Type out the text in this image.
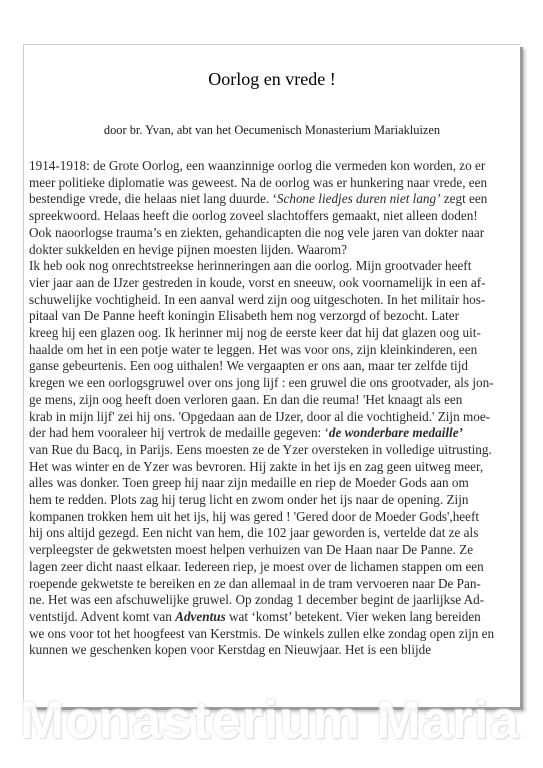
Oorlog en vrede !
door br. Yvan, abt van het Oecumenisch Monasterium Mariakluizen
1914-1918: de Grote Oorlog, een waanzinnige oorlog die vermeden kon worden, zo er
meer politieke diplomatie was geweest. Na de oorlog was er hunkering naar vrede, een
bestendige vrede, die helaas niet lang duurde. ‘Schone liedjes duren niet lang’ zegt een
spreekwoord. Helaas heeft die oorlog zoveel slachtoffers gemaakt, niet alleen doden!
Ook naoorlogse trauma’s en ziekten, gehandicapten die nog vele jaren van dokter naar
dokter sukkelden en hevige pijnen moesten lijden. Waarom?
Ik heb ook nog onrechtstreekse herinneringen aan die oorlog. Mijn grootvader heeft
vier jaar aan de IJzer gestreden in koude, vorst en sneeuw, ook voornamelijk in een af-
schuwelijke vochtigheid. In een aanval werd zijn oog uitgeschoten. In het militair hos-
pitaal van De Panne heeft koningin Elisabeth hem nog verzorgd of bezocht. Later
kreeg hij een glazen oog. Ik herinner mij nog de eerste keer dat hij dat glazen oog uit-
haalde om het in een potje water te leggen. Het was voor ons, zijn kleinkinderen, een
ganse gebeurtenis. Een oog uithalen! We vergaapten er ons aan, maar ter zelfde tijd
kregen we een oorlogsgruwel over ons jong lijf : een gruwel die ons grootvader, als jon-
ge mens, zijn oog heeft doen verloren gaan. En dan die reuma! 'Het knaagt als een
krab in mijn lijf' zei hij ons. 'Opgedaan aan de IJzer, door al die vochtigheid.' Zijn moe-
der had hem vooraleer hij vertrok de medaille gegeven: ‘de wonderbare medaille’
van Rue du Bacq, in Parijs. Eens moesten ze de Yzer oversteken in volledige uitrusting.
Het was winter en de Yzer was bevroren. Hij zakte in het ijs en zag geen uitweg meer,
alles was donker. Toen greep hij naar zijn medaille en riep de Moeder Gods aan om
hem te redden. Plots zag hij terug licht en zwom onder het ijs naar de opening. Zijn
kompanen trokken hem uit het ijs, hij was gered ! 'Gered door de Moeder Gods',heeft
hij ons altijd gezegd. Een nicht van hem, die 102 jaar geworden is, vertelde dat ze als
verpleegster de gekwetsten moest helpen verhuizen van De Haan naar De Panne. Ze
lagen zeer dicht naast elkaar. Iedereen riep, je moest over de lichamen stappen om een
roepende gekwetste te bereiken en ze dan allemaal in de tram vervoeren naar De Pan-
ne. Het was een afschuwelijke gruwel. Op zondag 1 december begint de jaarlijkse Ad-
ventstijd. Advent komt van Adventus wat ‘komst’ betekent. Vier weken lang bereiden
we ons voor tot het hoogfeest van Kerstmis. De winkels zullen elke zondag open zijn en
kunnen we geschenken kopen voor Kerstdag en Nieuwjaar. Het is een blijde
Monasterium Maria
